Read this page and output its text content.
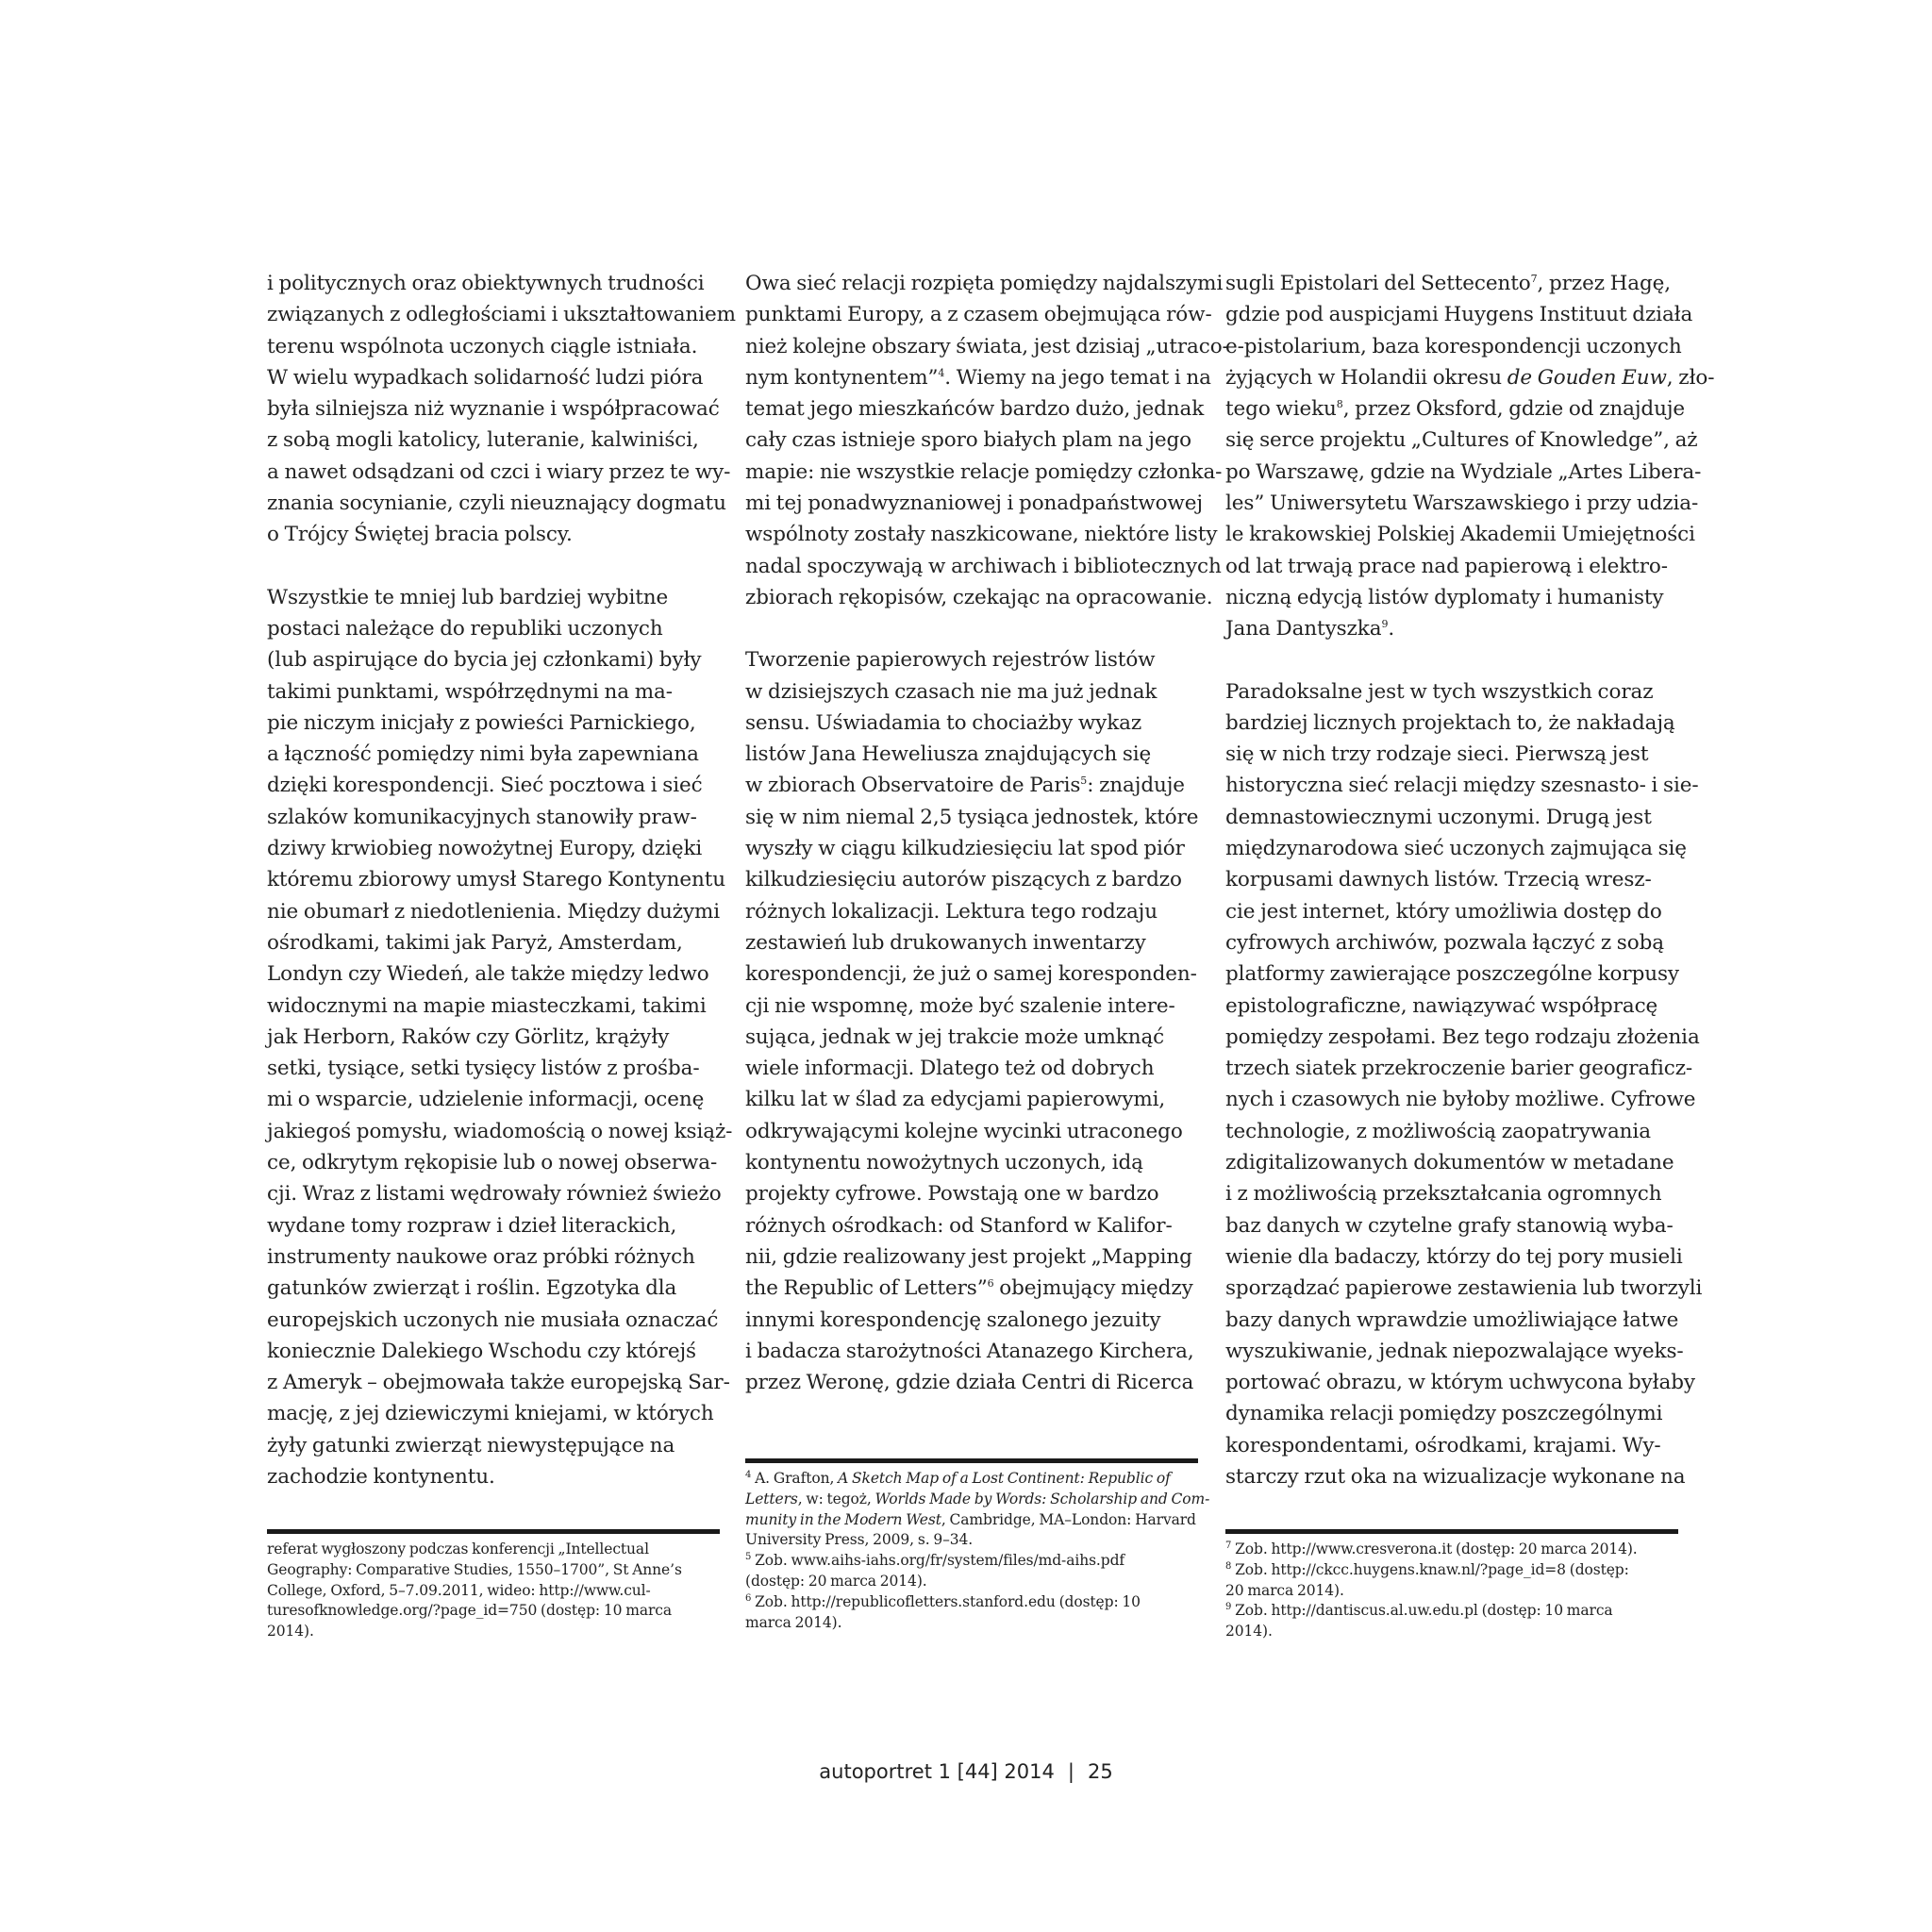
i politycznych oraz obiektywnych trudności
związanych z odległościami i ukształtowaniem
terenu wspólnota uczonych ciągle istniała.
W wielu wypadkach solidarność ludzi pióra
była silniejsza niż wyznanie i współpracować
z sobą mogli katolicy, luteranie, kalwiniści,
a nawet odsądzani od czci i wiary przez te wy-
znania socynianie, czyli nieuznający dogmatu
o Trójcy Świętej bracia polscy.

Wszystkie te mniej lub bardziej wybitne
postaci należące do republiki uczonych
(lub aspirujące do bycia jej członkami) były
takimi punktami, współrzędnymi na ma-
pie niczym inicjały z powieści Parnickiego,
a łączność pomiędzy nimi była zapewniana
dzięki korespondencji. Sieć pocztowa i sieć
szlaków komunikacyjnych stanowiły praw-
dziwy krwiobieg nowożytnej Europy, dzięki
któremu zbiorowy umysł Starego Kontynentu
nie obumarł z niedotlenienia. Między dużymi
ośrodkami, takimi jak Paryż, Amsterdam,
Londyn czy Wiedeń, ale także między ledwo
widocznymi na mapie miasteczkami, takimi
jak Herborn, Raków czy Görlitz, krążyły
setki, tysiące, setki tysięcy listów z prośba-
mi o wsparcie, udzielenie informacji, ocenę
jakiegoś pomysłu, wiadomością o nowej książ-
ce, odkrytym rękopisie lub o nowej obserwa-
cji. Wraz z listami wędrowały również świeżo
wydane tomy rozpraw i dzieł literackich,
instrumenty naukowe oraz próbki różnych
gatunków zwierząt i roślin. Egzotyka dla
europejskich uczonych nie musiała oznaczać
koniecznie Dalekiego Wschodu czy którejś
z Ameryk – obejmowała także europejską Sar-
mację, z jej dziewiczymi kniejami, w których
żyły gatunki zwierząt niewystępujące na
zachodzie kontynentu.

Owa sieć relacji rozpięta pomiędzy najdalszymi
punktami Europy, a z czasem obejmująca rów-
nież kolejne obszary świata, jest dzisiaj „utraco-
nym kontynentem”$^4$. Wiemy na jego temat i na
temat jego mieszkańców bardzo dużo, jednak
cały czas istnieje sporo białych plam na jego
mapie: nie wszystkie relacje pomiędzy członka-
mi tej ponadwyznaniowej i ponadpaństwowej
wspólnoty zostały naszkicowane, niektóre listy
nadal spoczywają w archiwach i bibliotecznych
zbiorach rękopisów, czekając na opracowanie.

Tworzenie papierowych rejestrów listów
w dzisiejszych czasach nie ma już jednak
sensu. Uświadamia to chociażby wykaz
listów Jana Heweliusza znajdujących się
w zbiorach Observatoire de Paris$^5$: znajduje
się w nim niemal 2,5 tysiąca jednostek, które
wyszły w ciągu kilkudziesięciu lat spod piór
kilkudziesięciu autorów piszących z bardzo
różnych lokalizacji. Lektura tego rodzaju
zestawień lub drukowanych inwentarzy
korespondencji, że już o samej koresponden-
cji nie wspomnę, może być szalenie intere-
sująca, jednak w jej trakcie może umknąć
wiele informacji. Dlatego też od dobrych
kilku lat w ślad za edycjami papierowymi,
odkrywającymi kolejne wycinki utraconego
kontynentu nowożytnych uczonych, idą
projekty cyfrowe. Powstają one w bardzo
różnych ośrodkach: od Stanford w Kalifor-
nii, gdzie realizowany jest projekt „Mapping
the Republic of Letters”$^6$ obejmujący między
innymi korespondencję szalonego jezuity
i badacza starożytności Atanazego Kirchera,
przez Weronę, gdzie działa Centri di Ricerca

sugli Epistolari del Settecento$^7$, przez Hagę,
gdzie pod auspicjami Huygens Instituut działa
e-pistolarium, baza korespondencji uczonych
żyjących w Holandii okresu de Gouden Euw, zło-
tego wieku$^8$, przez Oksford, gdzie od znajduje
się serce projektu „Cultures of Knowledge”, aż
po Warszawę, gdzie na Wydziale „Artes Libera-
les” Uniwersytetu Warszawskiego i przy udzia-
le krakowskiej Polskiej Akademii Umiejętności
od lat trwają prace nad papierową i elektro-
niczną edycją listów dyplomaty i humanisty
Jana Dantyszka$^9$.

Paradoksalne jest w tych wszystkich coraz
bardziej licznych projektach to, że nakładają
się w nich trzy rodzaje sieci. Pierwszą jest
historyczna sieć relacji między szesnasto- i sie-
demnastowiecznymi uczonymi. Drugą jest
międzynarodowa sieć uczonych zajmująca się
korpusami dawnych listów. Trzecią wresz-
cie jest internet, który umożliwia dostęp do
cyfrowych archiwów, pozwala łączyć z sobą
platformy zawierające poszczególne korpusy
epistolograficzne, nawiązywać współpracę
pomiędzy zespołami. Bez tego rodzaju złożenia
trzech siatek przekroczenie barier geograficz-
nych i czasowych nie byłoby możliwe. Cyfrowe
technologie, z możliwością zaopatrywania
zdigitalizowanych dokumentów w metadane
i z możliwością przekształcania ogromnych
baz danych w czytelne grafy stanowią wyba-
wienie dla badaczy, którzy do tej pory musieli
sporządzać papierowe zestawienia lub tworzyli
bazy danych wprawdzie umożliwiające łatwe
wyszukiwanie, jednak niepozwalające wyeks-
portować obrazu, w którym uchwycona byłaby
dynamika relacji pomiędzy poszczególnymi
korespondentami, ośrodkami, krajami. Wy-
starczy rzut oka na wizualizacje wykonane na

referat wygłoszony podczas konferencji „Intellectual
Geography: Comparative Studies, 1550–1700”, St Anne’s
College, Oxford, 5–7.09.2011, wideo: http://www.cul-
turesofknowledge.org/?page_id=750 (dostęp: 10 marca
2014).

$^4$ A. Grafton, A Sketch Map of a Lost Continent: Republic of
Letters, w: tegoż, Worlds Made by Words: Scholarship and Com-
munity in the Modern West, Cambridge, MA–London: Harvard
University Press, 2009, s. 9–34.
$^5$ Zob. www.aihs-iahs.org/fr/system/files/md-aihs.pdf
(dostęp: 20 marca 2014).
$^6$ Zob. http://republicofletters.stanford.edu (dostęp: 10
marca 2014).

$^7$ Zob. http://www.cresverona.it (dostęp: 20 marca 2014).
$^8$ Zob. http://ckcc.huygens.knaw.nl/?page_id=8 (dostęp:
20 marca 2014).
$^9$ Zob. http://dantiscus.al.uw.edu.pl (dostęp: 10 marca
2014).

autoportret 1 [44] 2014 | 25
